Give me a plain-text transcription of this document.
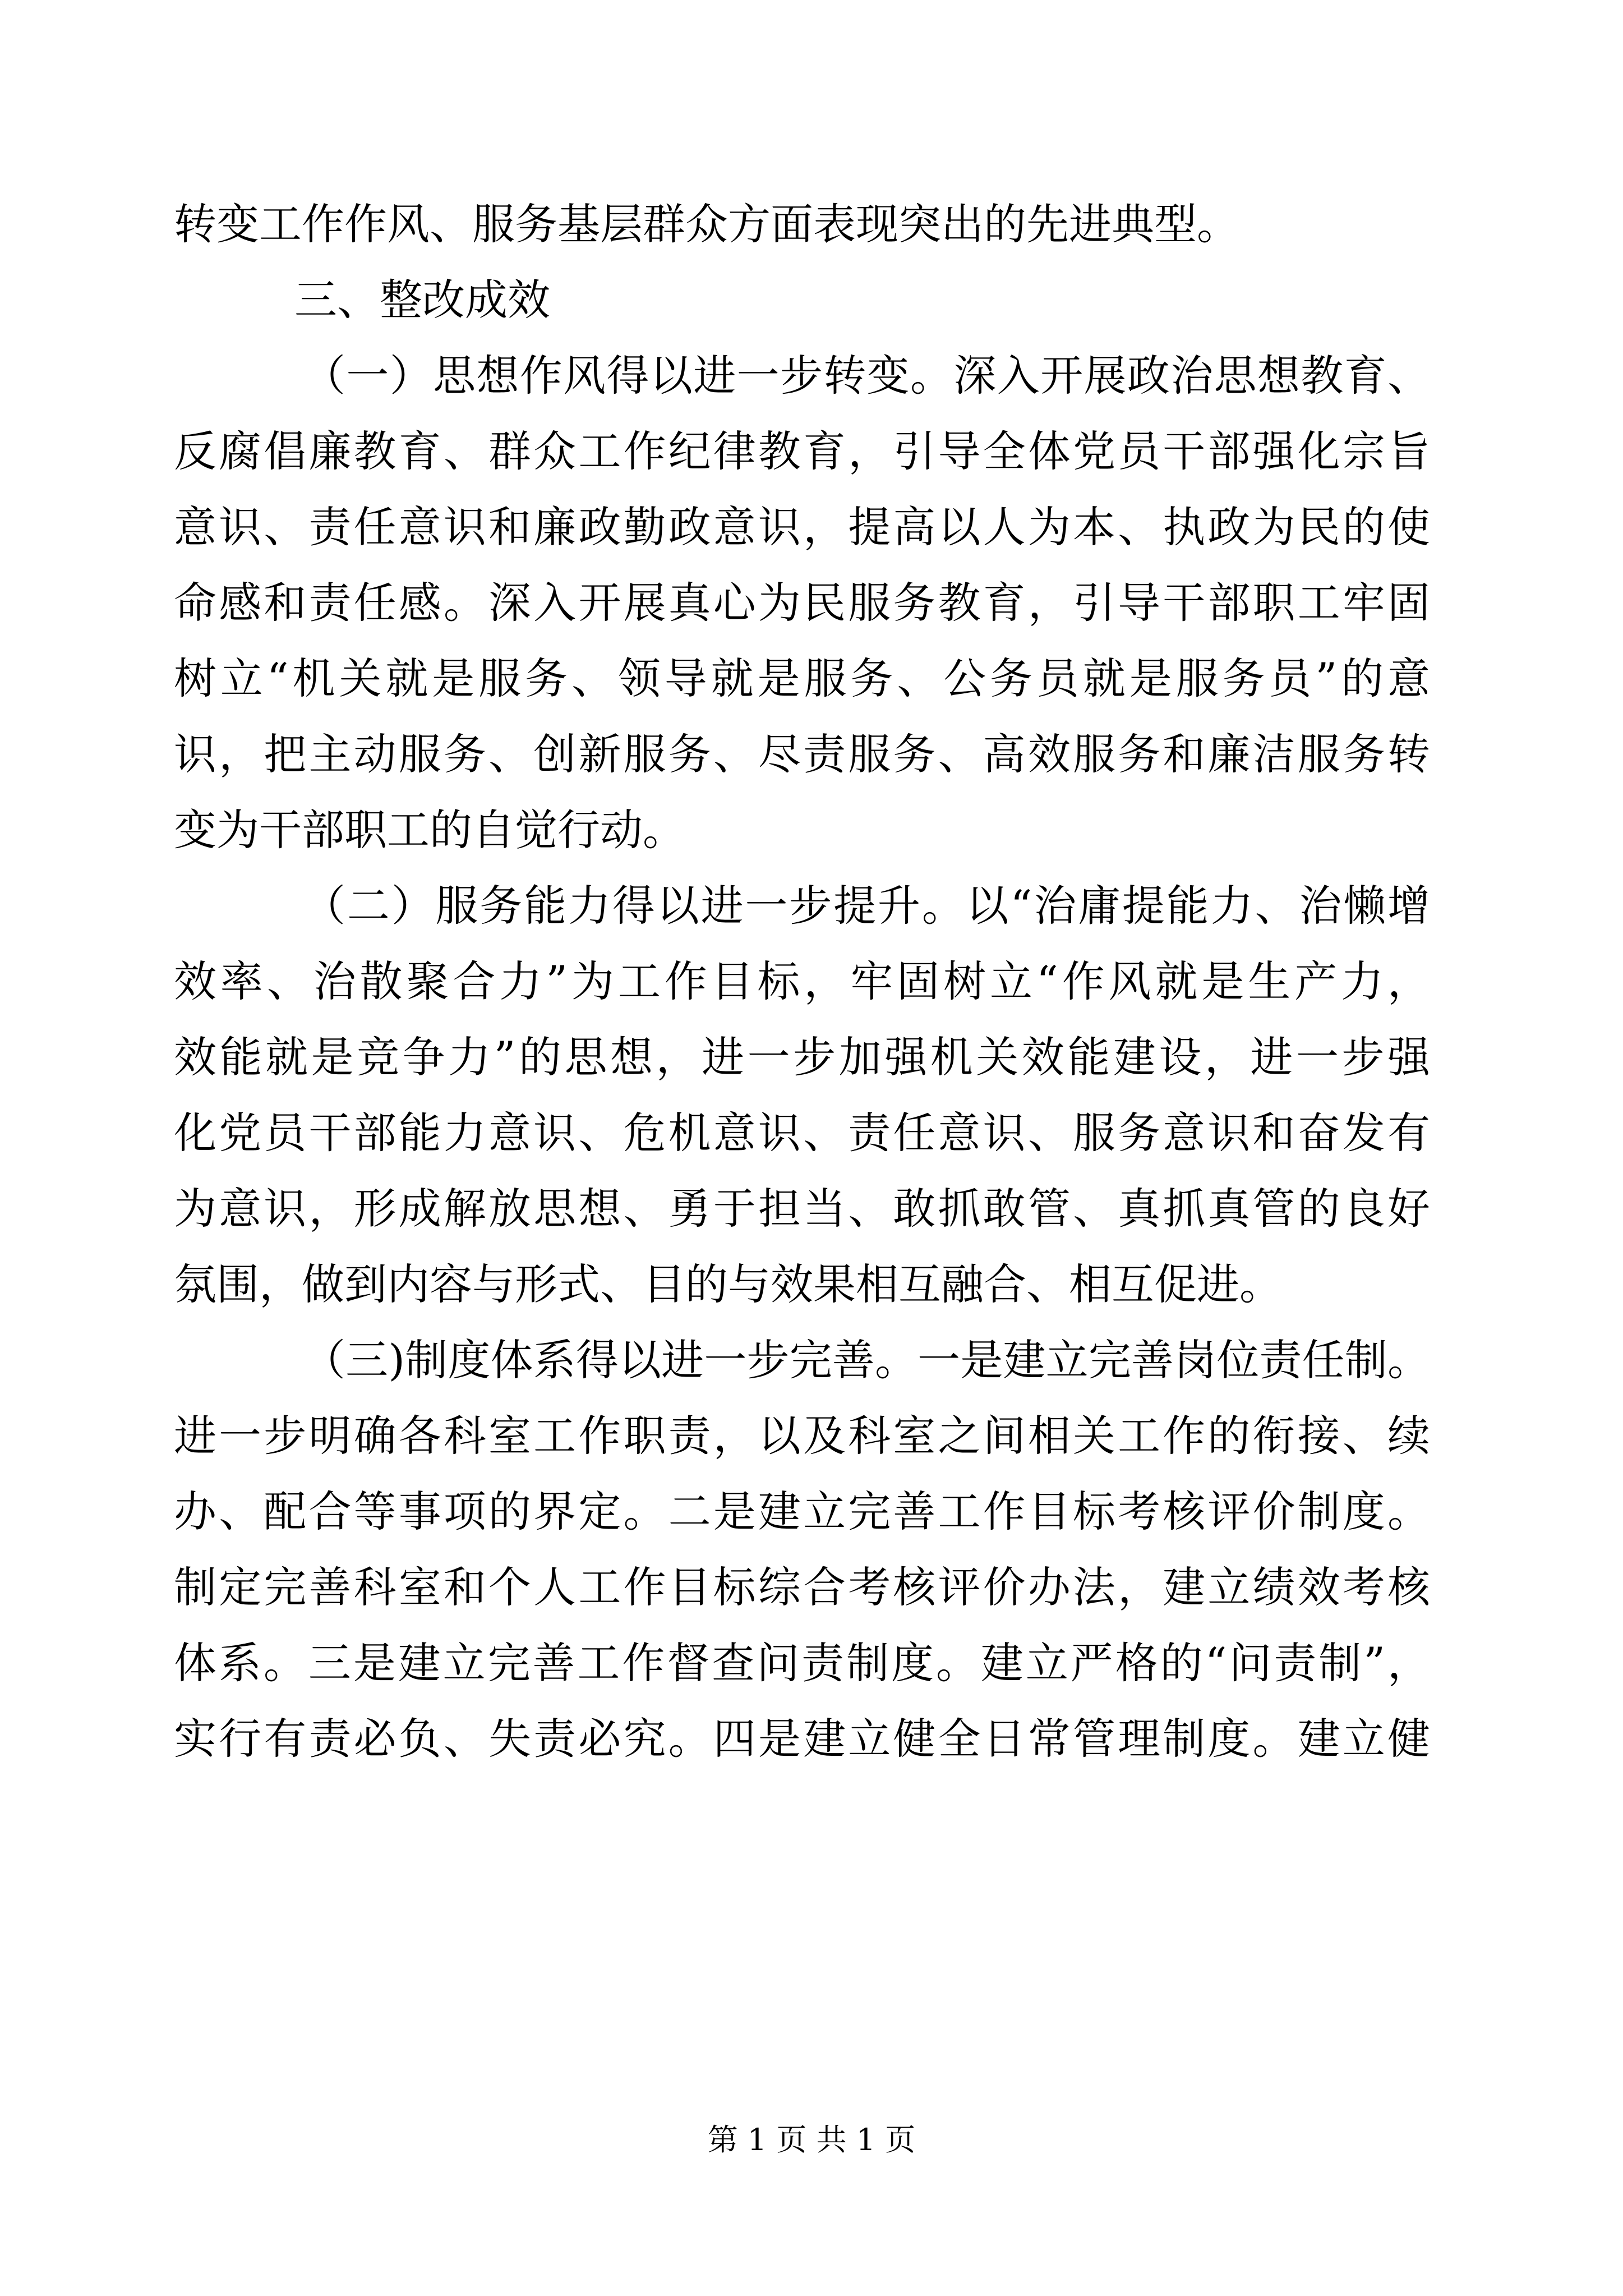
转变工作作风、服务基层群众方面表现突出的先进典型。
三、整改成效
（一）思想作风得以进一步转变。深入开展政治思想教育、
反腐倡廉教育、群众工作纪律教育，引导全体党员干部强化宗旨
意识、责任意识和廉政勤政意识，提高以人为本、执政为民的使
命感和责任感。深入开展真心为民服务教育，引导干部职工牢固
树立“机关就是服务、领导就是服务、公务员就是服务员”的意
识，把主动服务、创新服务、尽责服务、高效服务和廉洁服务转
变为干部职工的自觉行动。
（二）服务能力得以进一步提升。以“治庸提能力、治懒增
效率、治散聚合力”为工作目标，牢固树立“作风就是生产力，
效能就是竞争力”的思想，进一步加强机关效能建设，进一步强
化党员干部能力意识、危机意识、责任意识、服务意识和奋发有
为意识，形成解放思想、勇于担当、敢抓敢管、真抓真管的良好
氛围，做到内容与形式、目的与效果相互融合、相互促进。
（三)制度体系得以进一步完善。一是建立完善岗位责任制。
进一步明确各科室工作职责，以及科室之间相关工作的衔接、续
办、配合等事项的界定。二是建立完善工作目标考核评价制度。
制定完善科室和个人工作目标综合考核评价办法，建立绩效考核
体系。三是建立完善工作督查问责制度。建立严格的“问责制”，
实行有责必负、失责必究。四是建立健全日常管理制度。建立健
第 1 页 共 1 页
